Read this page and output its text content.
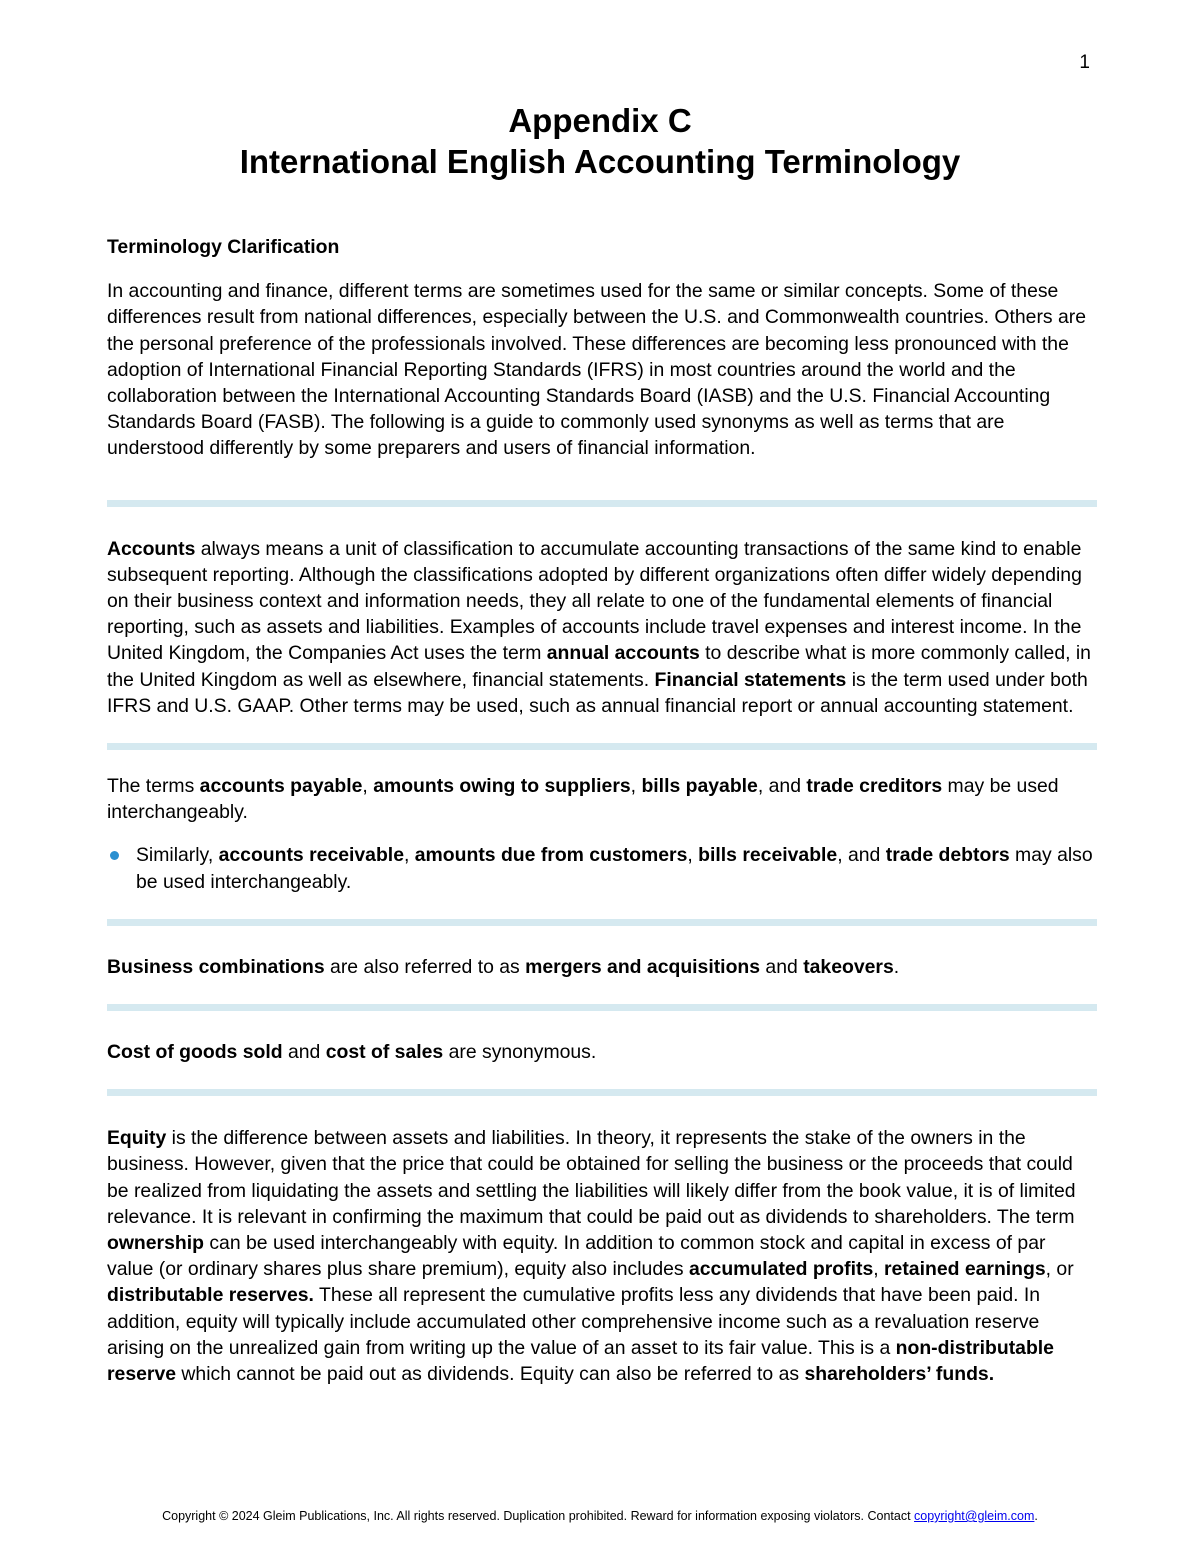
1
Appendix C
International English Accounting Terminology
Terminology Clarification

In accounting and finance, different terms are sometimes used for the same or similar concepts. Some of these differences result from national differences, especially between the U.S. and Commonwealth countries. Others are the personal preference of the professionals involved. These differences are becoming less pronounced with the adoption of International Financial Reporting Standards (IFRS) in most countries around the world and the collaboration between the International Accounting Standards Board (IASB) and the U.S. Financial Accounting Standards Board (FASB). The following is a guide to commonly used synonyms as well as terms that are understood differently by some preparers and users of financial information.

Accounts always means a unit of classification to accumulate accounting transactions of the same kind to enable subsequent reporting. Although the classifications adopted by different organizations often differ widely depending on their business context and information needs, they all relate to one of the fundamental elements of financial reporting, such as assets and liabilities. Examples of accounts include travel expenses and interest income. In the United Kingdom, the Companies Act uses the term annual accounts to describe what is more commonly called, in the United Kingdom as well as elsewhere, financial statements. Financial statements is the term used under both IFRS and U.S. GAAP. Other terms may be used, such as annual financial report or annual accounting statement.

The terms accounts payable, amounts owing to suppliers, bills payable, and trade creditors may be used interchangeably.

Similarly, accounts receivable, amounts due from customers, bills receivable, and trade debtors may also be used interchangeably.

Business combinations are also referred to as mergers and acquisitions and takeovers.

Cost of goods sold and cost of sales are synonymous.

Equity is the difference between assets and liabilities. In theory, it represents the stake of the owners in the business. However, given that the price that could be obtained for selling the business or the proceeds that could be realized from liquidating the assets and settling the liabilities will likely differ from the book value, it is of limited relevance. It is relevant in confirming the maximum that could be paid out as dividends to shareholders. The term ownership can be used interchangeably with equity. In addition to common stock and capital in excess of par value (or ordinary shares plus share premium), equity also includes accumulated profits, retained earnings, or distributable reserves. These all represent the cumulative profits less any dividends that have been paid. In addition, equity will typically include accumulated other comprehensive income such as a revaluation reserve arising on the unrealized gain from writing up the value of an asset to its fair value. This is a non-distributable reserve which cannot be paid out as dividends. Equity can also be referred to as shareholders’ funds.

Copyright © 2024 Gleim Publications, Inc. All rights reserved. Duplication prohibited. Reward for information exposing violators. Contact copyright@gleim.com.
